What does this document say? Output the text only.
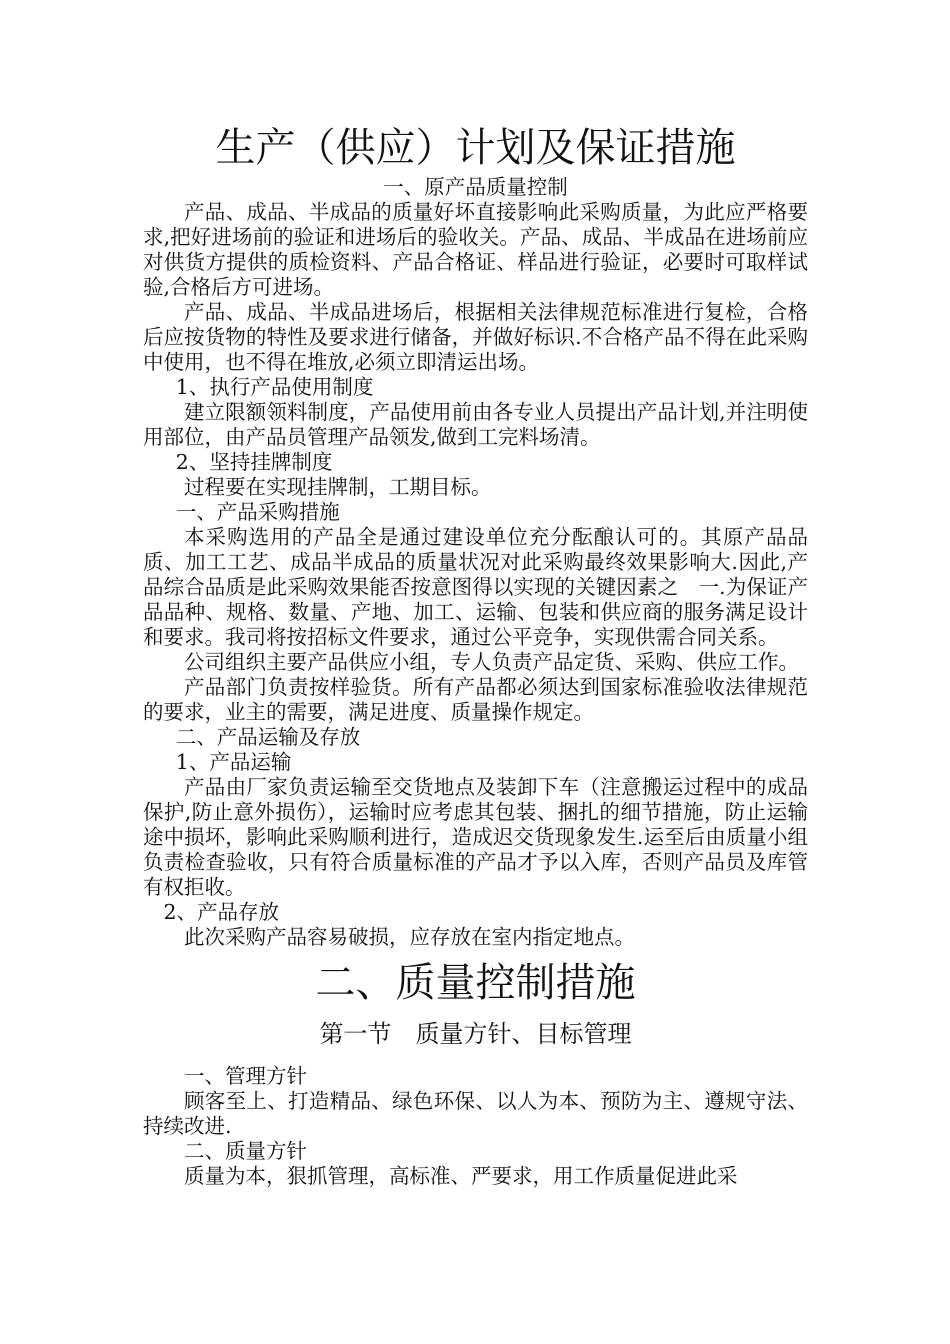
生产（供应）计划及保证措施
一、原产品质量控制
产品、成品、半成品的质量好坏直接影响此采购质量，为此应严格要求,把好进场前的验证和进场后的验收关。产品、成品、半成品在进场前应对供货方提供的质检资料、产品合格证、样品进行验证，必要时可取样试验,合格后方可进场。
产品、成品、半成品进场后，根据相关法律规范标准进行复检，合格后应按货物的特性及要求进行储备，并做好标识.不合格产品不得在此采购中使用，也不得在堆放,必须立即清运出场。
1、执行产品使用制度
建立限额领料制度，产品使用前由各专业人员提出产品计划,并注明使用部位，由产品员管理产品领发,做到工完料场清。
2、坚持挂牌制度
过程要在实现挂牌制，工期目标。
一、产品采购措施
本采购选用的产品全是通过建设单位充分酝酿认可的。其原产品品质、加工工艺、成品半成品的质量状况对此采购最终效果影响大.因此,产品综合品质是此采购效果能否按意图得以实现的关键因素之　一.为保证产品品种、规格、数量、产地、加工、运输、包装和供应商的服务满足设计和要求。我司将按招标文件要求，通过公平竞争，实现供需合同关系。
公司组织主要产品供应小组，专人负责产品定货、采购、供应工作。
产品部门负责按样验货。所有产品都必须达到国家标准验收法律规范的要求，业主的需要，满足进度、质量操作规定。
二、产品运输及存放
1、产品运输
产品由厂家负责运输至交货地点及装卸下车（注意搬运过程中的成品保护,防止意外损伤），运输时应考虑其包装、捆扎的细节措施，防止运输途中损坏，影响此采购顺利进行，造成迟交货现象发生.运至后由质量小组负责检查验收，只有符合质量标准的产品才予以入库，否则产品员及库管有权拒收。
2、产品存放
此次采购产品容易破损，应存放在室内指定地点。
二、质量控制措施
第一节　质量方针、目标管理
一、管理方针
顾客至上、打造精品、绿色环保、以人为本、预防为主、遵规守法、持续改进.
二、质量方针
质量为本，狠抓管理，高标准、严要求，用工作质量促进此采
